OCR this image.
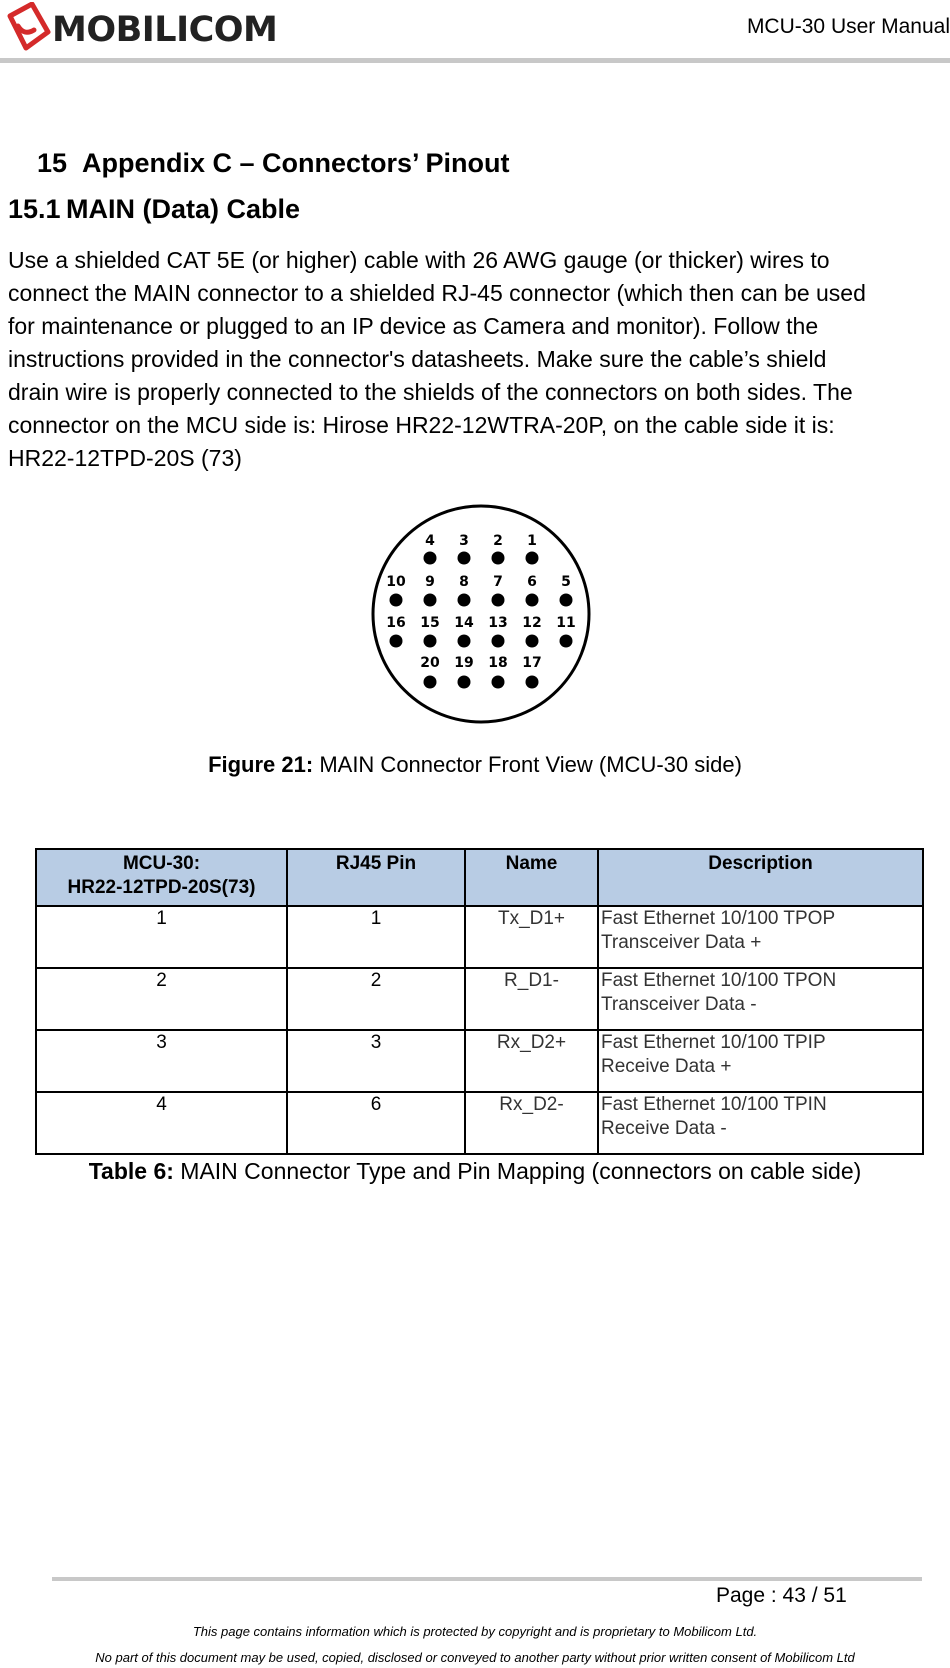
MOBILICOM	MCU-30 User Manual
15 Appendix C – Connectors’ Pinout
15.1 MAIN (Data) Cable
Use a shielded CAT 5E (or higher) cable with 26 AWG gauge (or thicker) wires to
connect the MAIN connector to a shielded RJ-45 connector (which then can be used
for maintenance or plugged to an IP device as Camera and monitor). Follow the
instructions provided in the connector's datasheets. Make sure the cable’s shield
drain wire is properly connected to the shields of the connectors on both sides. The
connector on the MCU side is: Hirose HR22-12WTRA-20P, on the cable side it is:
HR22-12TPD-20S (73)
4 3 2 1
10 9 8 7 6 5
16 15 14 13 12 11
20 19 18 17
Figure 21: MAIN Connector Front View (MCU-30 side)
MCU-30:
HR22-12TPD-20S(73)	RJ45 Pin	Name	Description
1	1	Tx_D1+	Fast Ethernet 10/100 TPOP
Transceiver Data +
2	2	R_D1-	Fast Ethernet 10/100 TPON
Transceiver Data -
3	3	Rx_D2+	Fast Ethernet 10/100 TPIP
Receive Data +
4	6	Rx_D2-	Fast Ethernet 10/100 TPIN
Receive Data -
Table 6: MAIN Connector Type and Pin Mapping (connectors on cable side)
Page : 43 / 51
This page contains information which is protected by copyright and is proprietary to Mobilicom Ltd.
No part of this document may be used, copied, disclosed or conveyed to another party without prior written consent of Mobilicom Ltd
